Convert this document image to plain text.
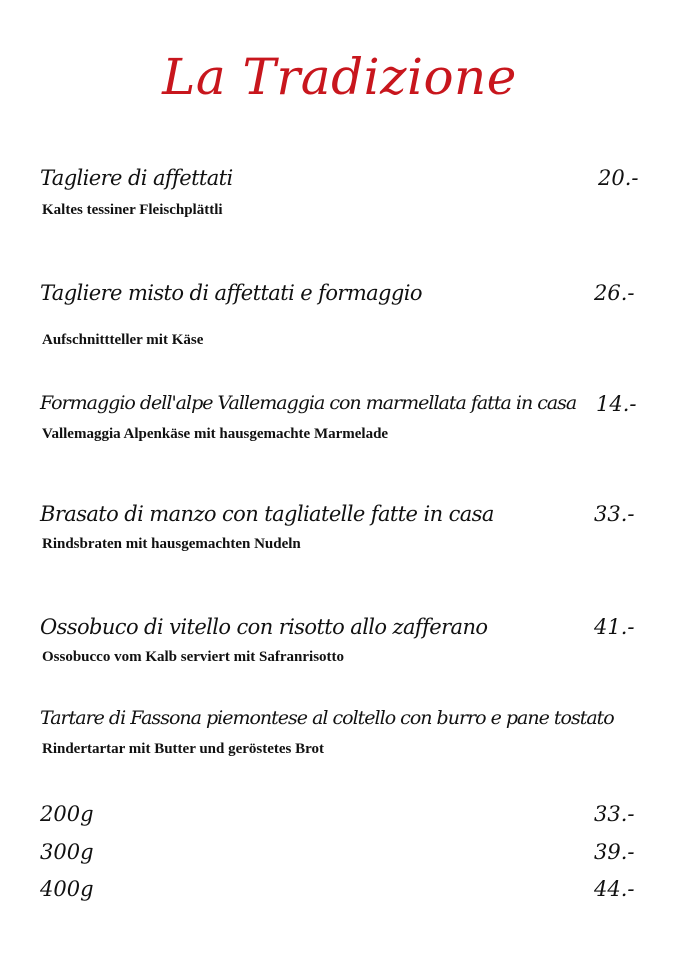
La Tradizione
Tagliere di affettati	20.-
Kaltes tessiner Fleischplättli
Tagliere misto di affettati e formaggio	26.-
Aufschnittteller mit Käse
Formaggio dell'alpe Vallemaggia con marmellata fatta in casa 14.-
Vallemaggia Alpenkäse mit hausgemachte Marmelade
Brasato di manzo con tagliatelle fatte in casa	33.-
Rindsbraten mit hausgemachten Nudeln
Ossobuco di vitello con risotto allo zafferano	41.-
Ossobucco vom Kalb serviert mit Safranrisotto
Tartare di Fassona piemontese al coltello con burro e pane tostato
Rindertartar mit Butter und geröstetes Brot
200g	33.-
300g	39.-
400g	44.-
